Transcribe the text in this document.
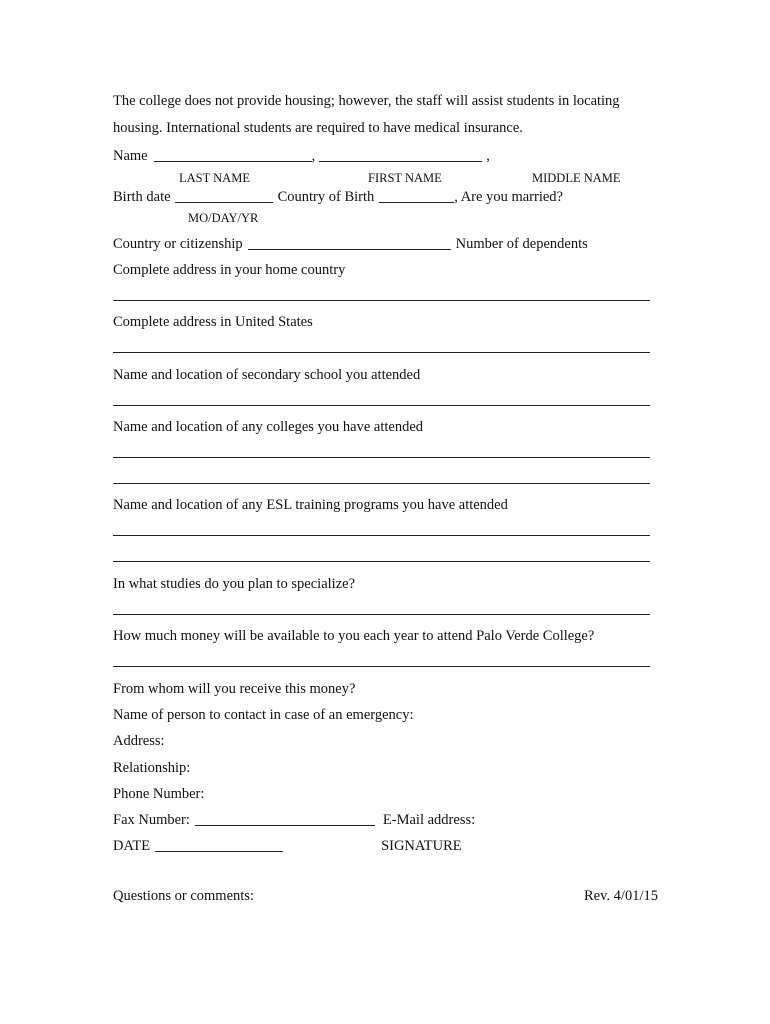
The college does not provide housing; however, the staff will assist students in locating
housing. International students are required to have medical insurance.
Name	,	,
LAST NAME	FIRST NAME	MIDDLE NAME
Birth date	Country of Birth	, Are you married?
MO/DAY/YR
Country or citizenship	Number of dependents
Complete address in your home country
Complete address in United States
Name and location of secondary school you attended
Name and location of any colleges you have attended
Name and location of any ESL training programs you have attended
In what studies do you plan to specialize?
How much money will be available to you each year to attend Palo Verde College?
From whom will you receive this money?
Name of person to contact in case of an emergency:
Address:
Relationship:
Phone Number:
Fax Number:	E-Mail address:
DATE	SIGNATURE
Questions or comments:	Rev. 4/01/15
